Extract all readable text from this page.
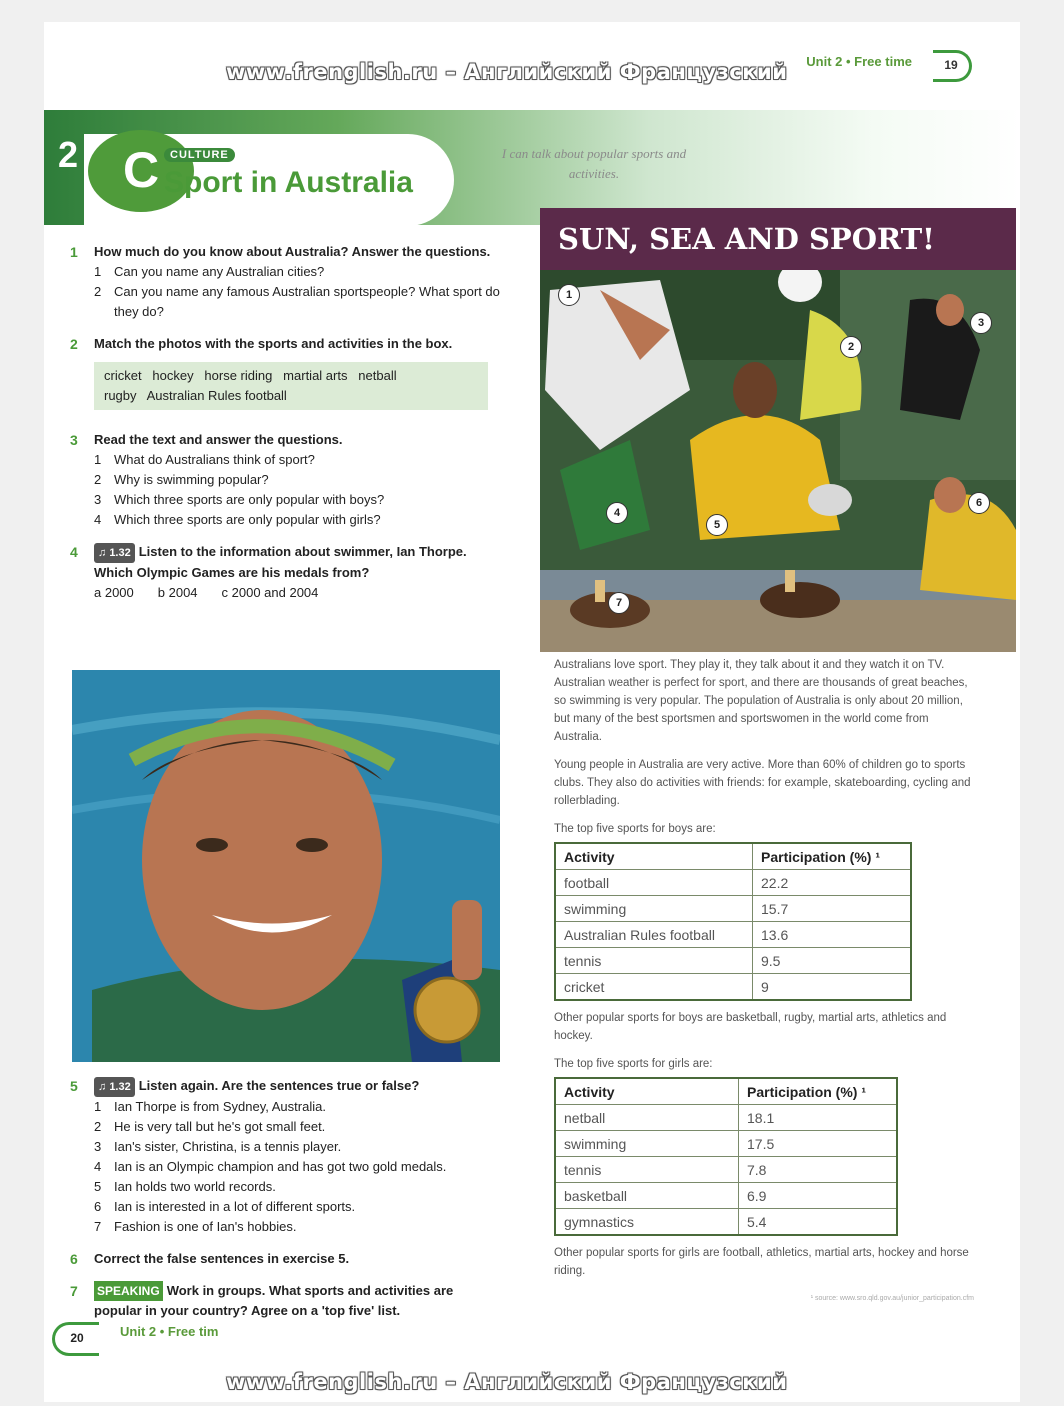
Unit 2 • Free time	19
C
2	CULTURE
Sport in Australia
I can talk about popular sports and activities.
1 How much do you know about Australia? Answer the questions.
1 Can you name any Australian cities?
2 Can you name any famous Australian sportspeople? What sport do they do?
2 Match the photos with the sports and activities in the box.
cricket   hockey   horse riding   martial arts   netball
rugby   Australian Rules football
3 Read the text and answer the questions.
1 What do Australians think of sport?
2 Why is swimming popular?
3 Which three sports are only popular with boys?
4 Which three sports are only popular with girls?
4	♫ 1.32 Listen to the information about swimmer, Ian Thorpe. Which Olympic Games are his medals from?
a 2000 b 2004 c 2000 and 2004
5	♫ 1.32 Listen again. Are the sentences true or false?
1 Ian Thorpe is from Sydney, Australia.
2 He is very tall but he's got small feet.
3 Ian's sister, Christina, is a tennis player.
4 Ian is an Olympic champion and has got two gold medals.
5 Ian holds two world records.
6 Ian is interested in a lot of different sports.
7 Fashion is one of Ian's hobbies.
6 Correct the false sentences in exercise 5.
7 SPEAKING Work in groups. What sports and activities are popular in your country? Agree on a 'top five' list.
SUN, SEA AND SPORT!
1
2
3
4
5
6
7

Australians love sport. They play it, they talk about it and they watch it on TV. Australian weather is perfect for sport, and there are thousands of great beaches, so swimming is very popular. The population of Australia is only about 20 million, but many of the best sportsmen and sportswomen in the world come from Australia.

Young people in Australia are very active. More than 60% of children go to sports clubs. They also do activities with friends: for example, skateboarding, cycling and rollerblading.

The top five sports for boys are:
Activity	Participation (%) ¹
football	22.2
swimming	15.7
Australian Rules football	13.6
tennis	9.5
cricket	9

Other popular sports for boys are basketball, rugby, martial arts, athletics and hockey.

The top five sports for girls are:
Activity	Participation (%) ¹
netball	18.1
swimming	17.5
tennis	7.8
basketball	6.9
gymnastics	5.4

Other popular sports for girls are football, athletics, martial arts, hockey and horse riding.

¹ source: www.sro.qld.gov.au/junior_participation.cfm
20	Unit 2 • Free tim
www.frenglish.ru – Английский Французский
www.frenglish.ru – Английский Французский
